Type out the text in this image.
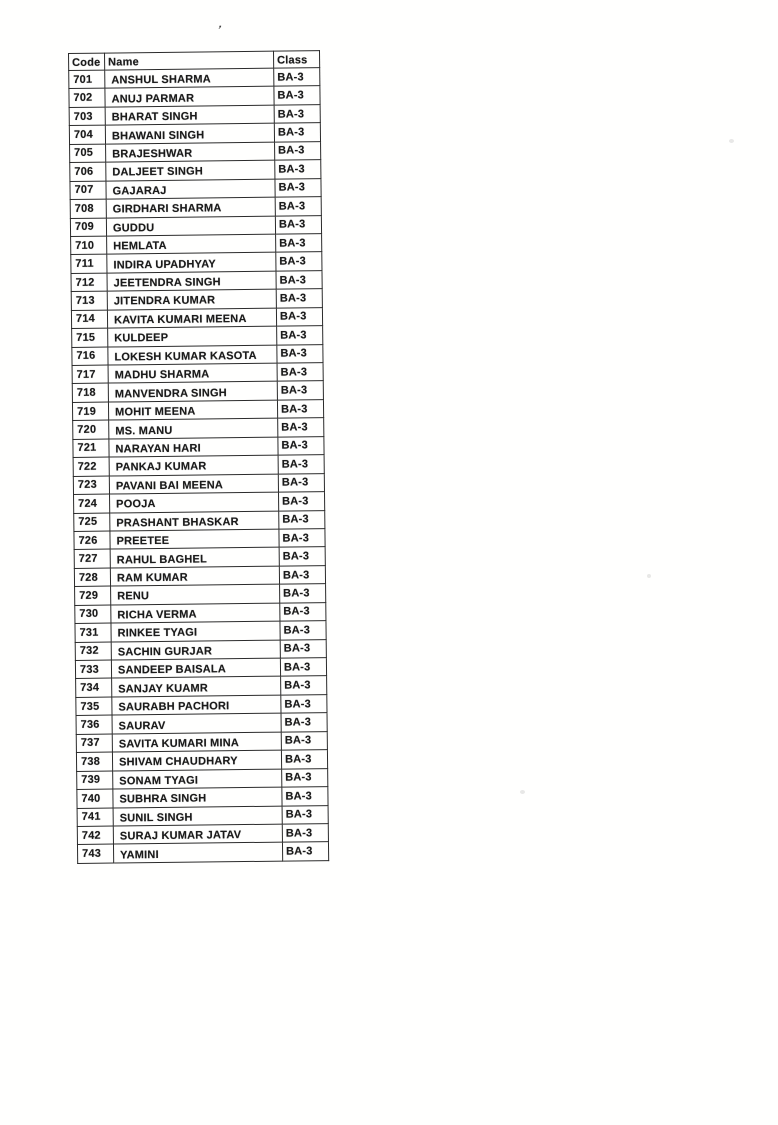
’
Code	Name	Class
701	ANSHUL SHARMA	BA-3
702	ANUJ PARMAR	BA-3
703	BHARAT SINGH	BA-3
704	BHAWANI SINGH	BA-3
705	BRAJESHWAR	BA-3
706	DALJEET SINGH	BA-3
707	GAJARAJ	BA-3
708	GIRDHARI SHARMA	BA-3
709	GUDDU	BA-3
710	HEMLATA	BA-3
711	INDIRA UPADHYAY	BA-3
712	JEETENDRA SINGH	BA-3
713	JITENDRA KUMAR	BA-3
714	KAVITA KUMARI MEENA	BA-3
715	KULDEEP	BA-3
716	LOKESH KUMAR KASOTA	BA-3
717	MADHU SHARMA	BA-3
718	MANVENDRA SINGH	BA-3
719	MOHIT MEENA	BA-3
720	MS. MANU	BA-3
721	NARAYAN HARI	BA-3
722	PANKAJ KUMAR	BA-3
723	PAVANI BAI MEENA	BA-3
724	POOJA	BA-3
725	PRASHANT BHASKAR	BA-3
726	PREETEE	BA-3
727	RAHUL BAGHEL	BA-3
728	RAM KUMAR	BA-3
729	RENU	BA-3
730	RICHA VERMA	BA-3
731	RINKEE TYAGI	BA-3
732	SACHIN GURJAR	BA-3
733	SANDEEP BAISALA	BA-3
734	SANJAY KUAMR	BA-3
735	SAURABH PACHORI	BA-3
736	SAURAV	BA-3
737	SAVITA KUMARI MINA	BA-3
738	SHIVAM CHAUDHARY	BA-3
739	SONAM TYAGI	BA-3
740	SUBHRA SINGH	BA-3
741	SUNIL SINGH	BA-3
742	SURAJ KUMAR JATAV	BA-3
743	YAMINI	BA-3
